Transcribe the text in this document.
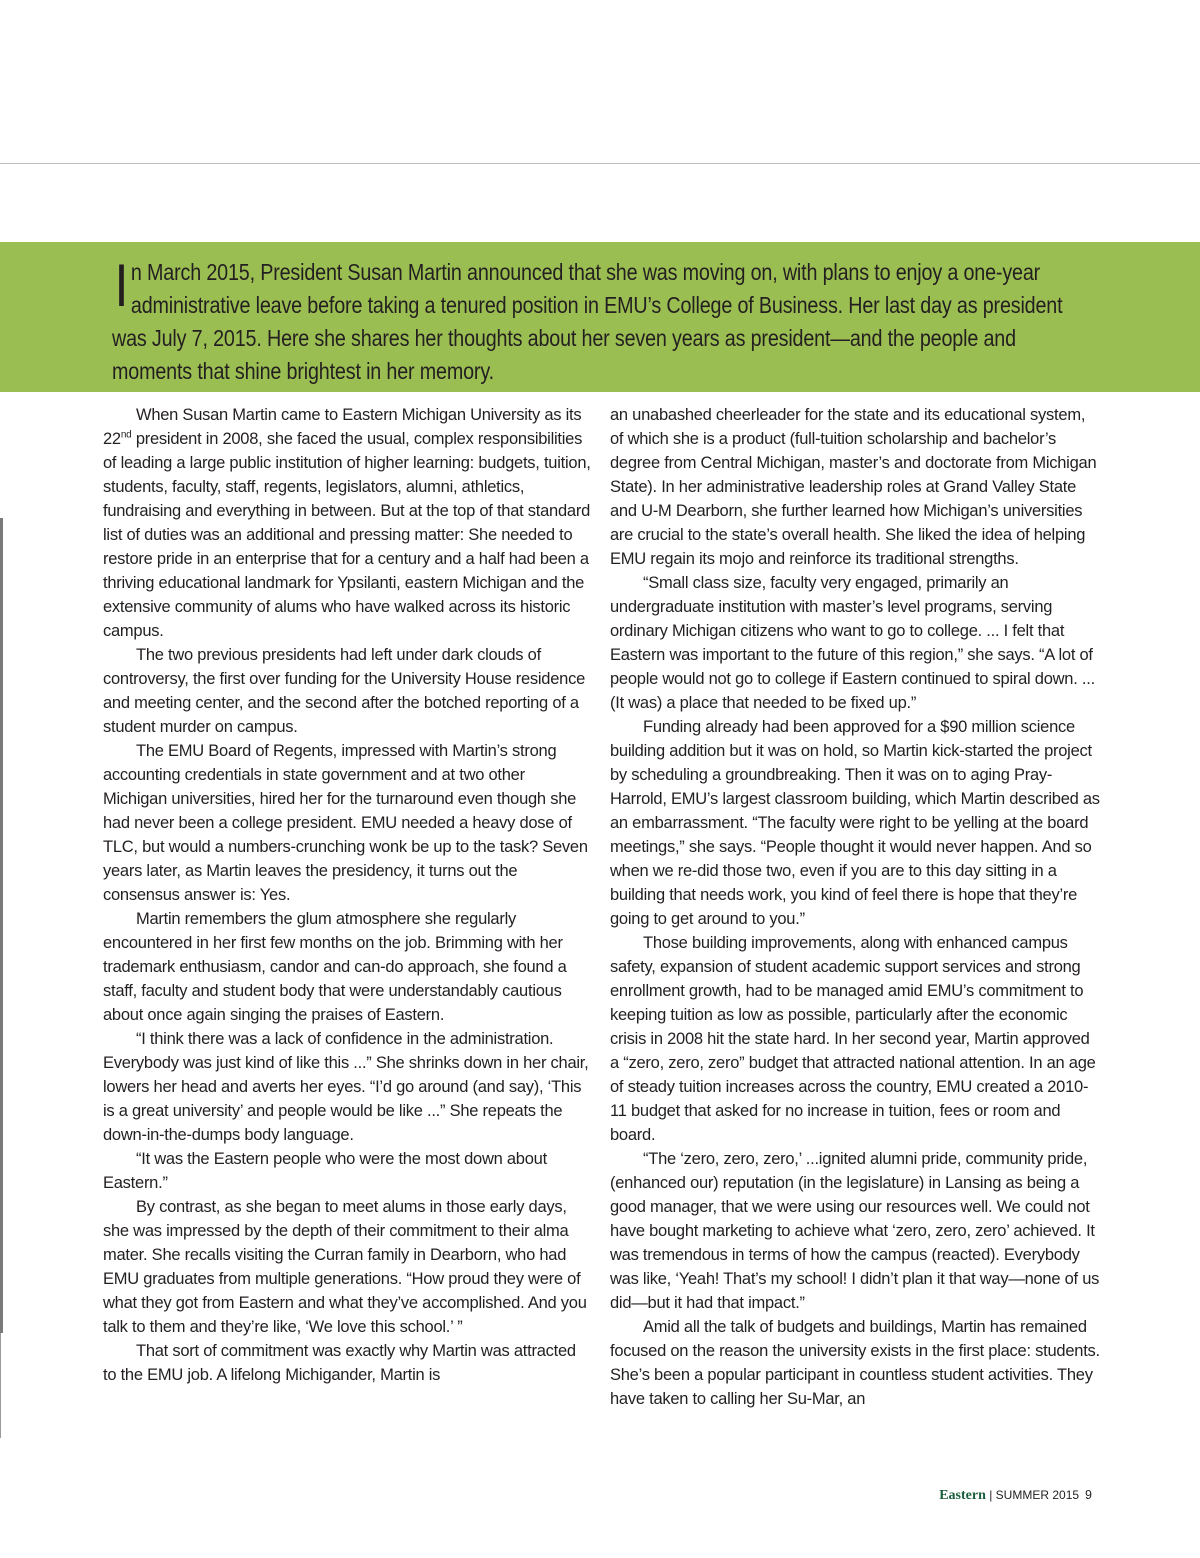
In March 2015, President Susan Martin announced that she was moving on, with plans to enjoy a one-year administrative leave before taking a tenured position in EMU’s College of Business. Her last day as president was July 7, 2015. Here she shares her thoughts about her seven years as president—and the people and moments that shine brightest in her memory.

When Susan Martin came to Eastern Michigan University as its 22nd president in 2008, she faced the usual, complex responsibilities of leading a large public institution of higher learning: budgets, tuition, students, faculty, staff, regents, legislators, alumni, athletics, fundraising and everything in between. But at the top of that standard list of duties was an additional and pressing matter: She needed to restore pride in an enterprise that for a century and a half had been a thriving educational landmark for Ypsilanti, eastern Michigan and the extensive community of alums who have walked across its historic campus.

The two previous presidents had left under dark clouds of controversy, the first over funding for the University House residence and meeting center, and the second after the botched reporting of a student murder on campus.

The EMU Board of Regents, impressed with Martin’s strong accounting credentials in state government and at two other Michigan universities, hired her for the turnaround even though she had never been a college president. EMU needed a heavy dose of TLC, but would a numbers-crunching wonk be up to the task? Seven years later, as Martin leaves the presidency, it turns out the consensus answer is: Yes.

Martin remembers the glum atmosphere she regularly encountered in her first few months on the job. Brimming with her trademark enthusiasm, candor and can-do approach, she found a staff, faculty and student body that were understandably cautious about once again singing the praises of Eastern.

“I think there was a lack of confidence in the administration. Everybody was just kind of like this ...” She shrinks down in her chair, lowers her head and averts her eyes. “I’d go around (and say), ‘This is a great university’ and people would be like ...” She repeats the down-in-the-dumps body language.

“It was the Eastern people who were the most down about Eastern.”

By contrast, as she began to meet alums in those early days, she was impressed by the depth of their commitment to their alma mater. She recalls visiting the Curran family in Dearborn, who had EMU graduates from multiple generations. “How proud they were of what they got from Eastern and what they’ve accomplished. And you talk to them and they’re like, ‘We love this school.’ ”

That sort of commitment was exactly why Martin was attracted to the EMU job. A lifelong Michigander, Martin is

an unabashed cheerleader for the state and its educational system, of which she is a product (full-tuition scholarship and bachelor’s degree from Central Michigan, master’s and doctorate from Michigan State). In her administrative leadership roles at Grand Valley State and U-M Dearborn, she further learned how Michigan’s universities are crucial to the state’s overall health. She liked the idea of helping EMU regain its mojo and reinforce its traditional strengths.

“Small class size, faculty very engaged, primarily an undergraduate institution with master’s level programs, serving ordinary Michigan citizens who want to go to college. ... I felt that Eastern was important to the future of this region,” she says. “A lot of people would not go to college if Eastern continued to spiral down. ... (It was) a place that needed to be fixed up.”

Funding already had been approved for a $90 million science building addition but it was on hold, so Martin kick-started the project by scheduling a groundbreaking. Then it was on to aging Pray-Harrold, EMU’s largest classroom building, which Martin described as an embarrassment. “The faculty were right to be yelling at the board meetings,” she says. “People thought it would never happen. And so when we re-did those two, even if you are to this day sitting in a building that needs work, you kind of feel there is hope that they’re going to get around to you.”

Those building improvements, along with enhanced campus safety, expansion of student academic support services and strong enrollment growth, had to be managed amid EMU’s commitment to keeping tuition as low as possible, particularly after the economic crisis in 2008 hit the state hard. In her second year, Martin approved a “zero, zero, zero” budget that attracted national attention. In an age of steady tuition increases across the country, EMU created a 2010-11 budget that asked for no increase in tuition, fees or room and board.

“The ‘zero, zero, zero,’ ...ignited alumni pride, community pride, (enhanced our) reputation (in the legislature) in Lansing as being a good manager, that we were using our resources well. We could not have bought marketing to achieve what ‘zero, zero, zero’ achieved. It was tremendous in terms of how the campus (reacted). Everybody was like, ‘Yeah! That’s my school! I didn’t plan it that way—none of us did—but it had that impact.”

Amid all the talk of budgets and buildings, Martin has remained focused on the reason the university exists in the first place: students. She’s been a popular participant in countless student activities. They have taken to calling her Su-Mar, an

Eastern | SUMMER 2015 9
